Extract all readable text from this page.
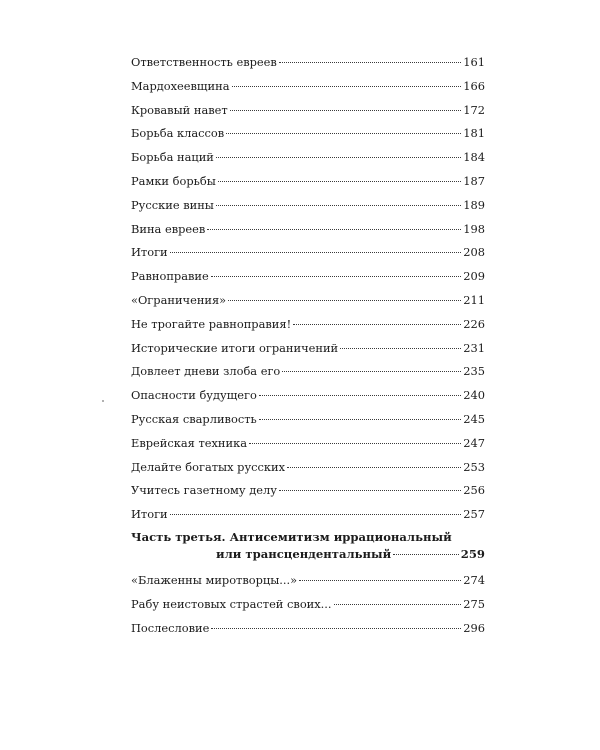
Ответственность евреев	161
Мардохеевщина	166
Кровавый навет	172
Борьба классов	181
Борьба наций	184
Рамки борьбы	187
Русские вины	189
Вина евреев	198
Итоги	208
Равноправие	209
«Ограничения»	211
Не трогайте равноправия!	226
Исторические итоги ограничений	231
Довлеет дневи злоба его	235
Опасности будущего	240
Русская сварливость	245
Еврейская техника	247
Делайте богатых русских	253
Учитесь газетному делу	256
Итоги	257
Часть третья. Антисемитизм иррациональный
или трансцендентальный	259
«Блаженны миротворцы...»	274
Рабу неистовых страстей своих...	275
Послесловие	296
